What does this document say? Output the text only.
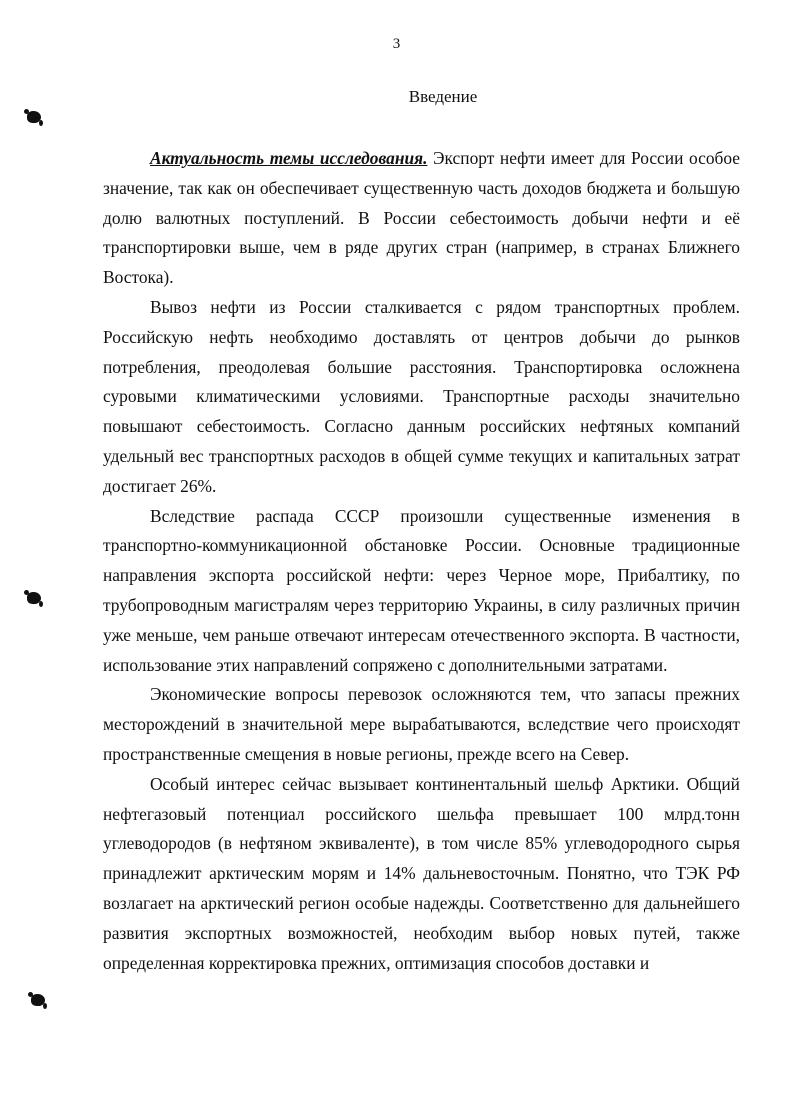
3
Введение

Актуальность темы исследования. Экспорт нефти имеет для России особое значение, так как он обеспечивает существенную часть доходов бюджета и большую долю валютных поступлений. В России себестоимость добычи нефти и её транспортировки выше, чем в ряде других стран (например, в странах Ближнего Востока).

Вывоз нефти из России сталкивается с рядом транспортных проблем. Российскую нефть необходимо доставлять от центров добычи до рынков потребления, преодолевая большие расстояния. Транспортировка осложнена суровыми климатическими условиями. Транспортные расходы значительно повышают себестоимость. Согласно данным российских нефтяных компаний удельный вес транспортных расходов в общей сумме текущих и капитальных затрат достигает 26%.

Вследствие распада СССР произошли существенные изменения в транспортно-коммуникационной обстановке России. Основные традиционные направления экспорта российской нефти: через Черное море, Прибалтику, по трубопроводным магистралям через территорию Украины, в силу различных причин уже меньше, чем раньше отвечают интересам отечественного экспорта. В частности, использование этих направлений сопряжено с дополнительными затратами.

Экономические вопросы перевозок осложняются тем, что запасы прежних месторождений в значительной мере вырабатываются, вследствие чего происходят пространственные смещения в новые регионы, прежде всего на Север.

Особый интерес сейчас вызывает континентальный шельф Арктики. Общий нефтегазовый потенциал российского шельфа превышает 100 млрд.тонн углеводородов (в нефтяном эквиваленте), в том числе 85% углеводородного сырья принадлежит арктическим морям и 14% дальневосточным. Понятно, что ТЭК РФ возлагает на арктический регион особые надежды. Соответственно для дальнейшего развития экспортных возможностей, необходим выбор новых путей, также определенная корректировка прежних, оптимизация способов доставки и
